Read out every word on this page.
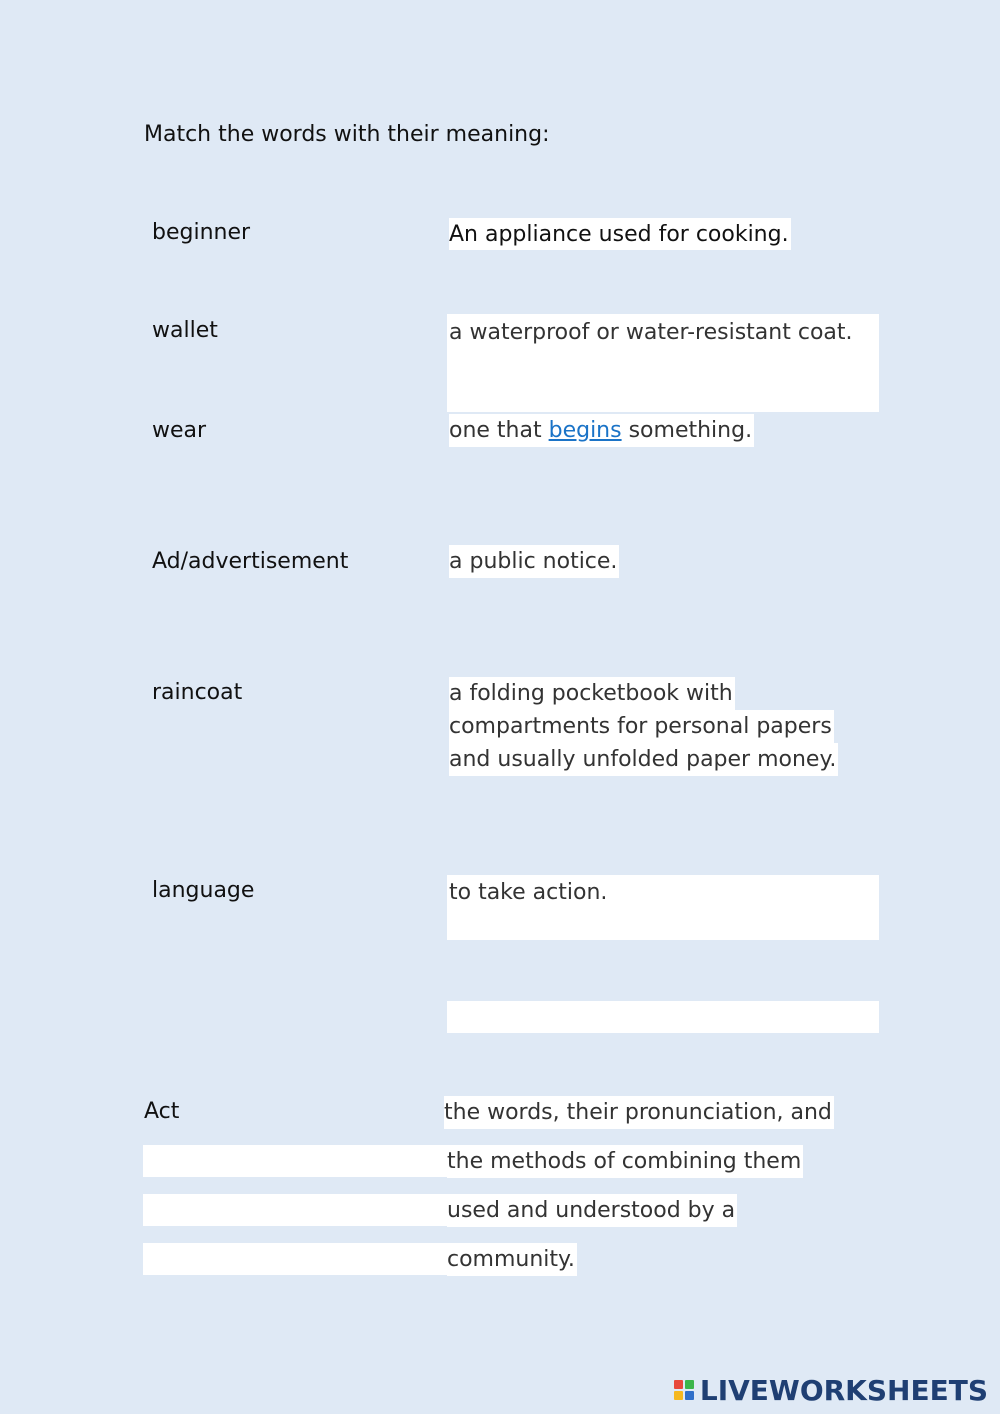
Match the words with their meaning:
beginner
wallet
wear
Ad/advertisement
raincoat
language
Act
An appliance used for cooking.
a waterproof or water-resistant coat.
one that begins something.
a public notice.
a folding pocketbook with
compartments for personal papers
and usually unfolded paper money.
to take action.
the words, their pronunciation, and
the methods of combining them
used and understood by a
community.
LIVEWORKSHEETS
